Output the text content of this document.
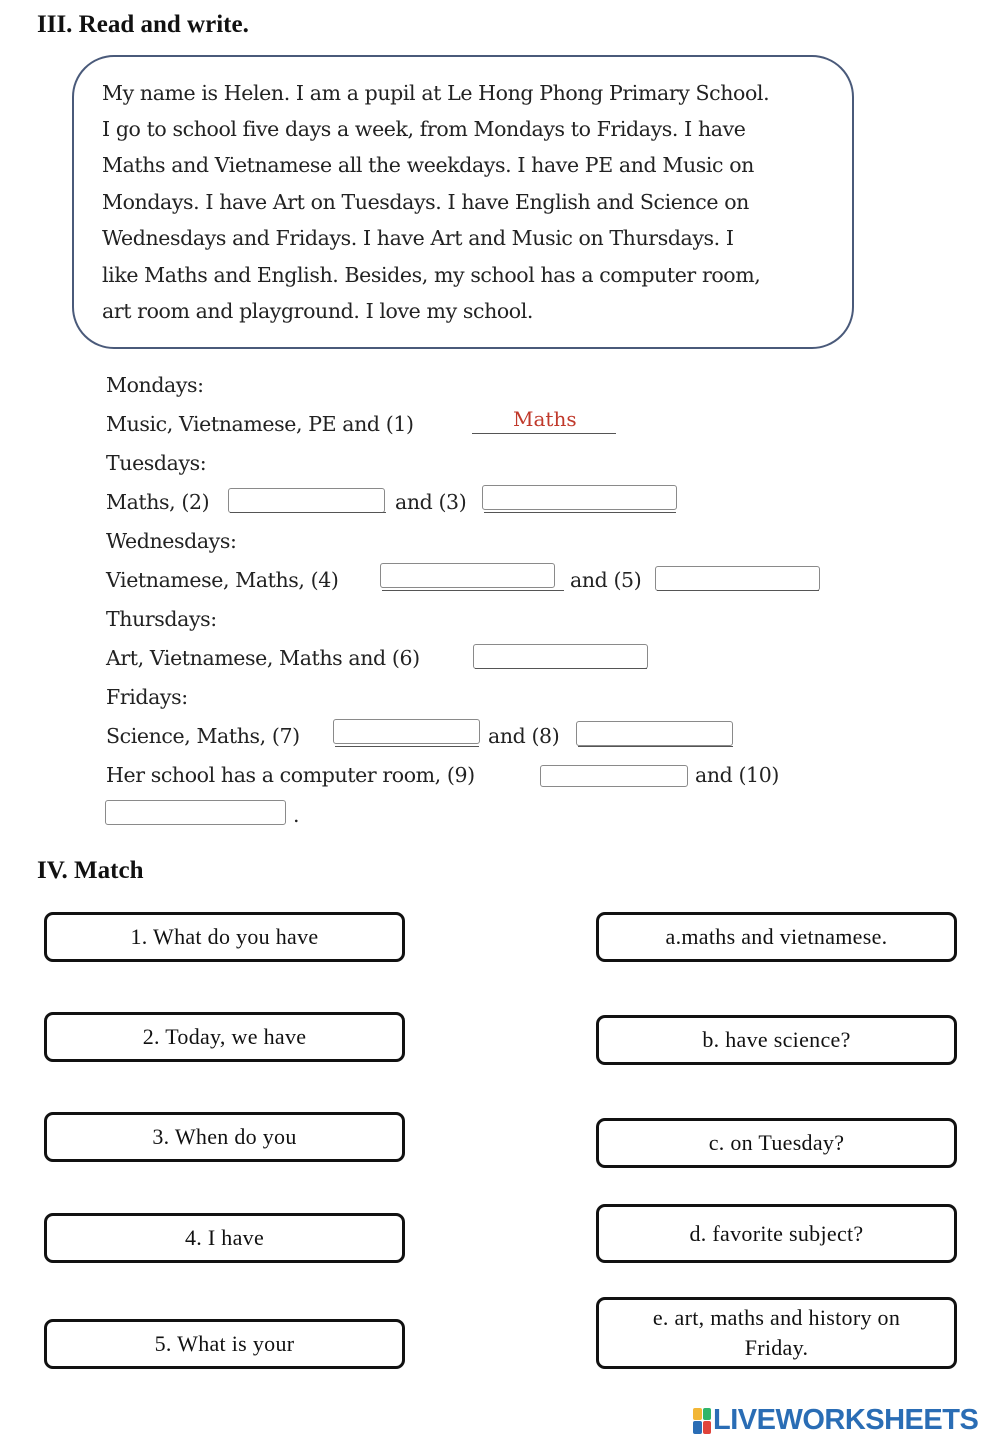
III. Read and write.
My name is Helen. I am a pupil at Le Hong Phong Primary School.
I go to school five days a week, from Mondays to Fridays. I have
Maths and Vietnamese all the weekdays. I have PE and Music on
Mondays. I have Art on Tuesdays. I have English and Science on
Wednesdays and Fridays. I have Art and Music on Thursdays. I
like Maths and English. Besides, my school has a computer room,
art room and playground. I love my school.
Mondays:
Music, Vietnamese, PE and (1)	Maths
Tuesdays:
Maths, (2)	and (3)
Wednesdays:
Vietnamese, Maths, (4)	and (5)
Thursdays:
Art, Vietnamese, Maths and (6)
Fridays:
Science, Maths, (7)	and (8)
Her school has a computer room, (9)	and (10)
.
IV. Match
1. What do you have
2. Today, we have
3. When do you
4. I have
5. What is your
a.maths and vietnamese.
b. have science?
c. on Tuesday?
d. favorite subject?
e. art, maths and history on Friday.
LIVEWORKSHEETS
